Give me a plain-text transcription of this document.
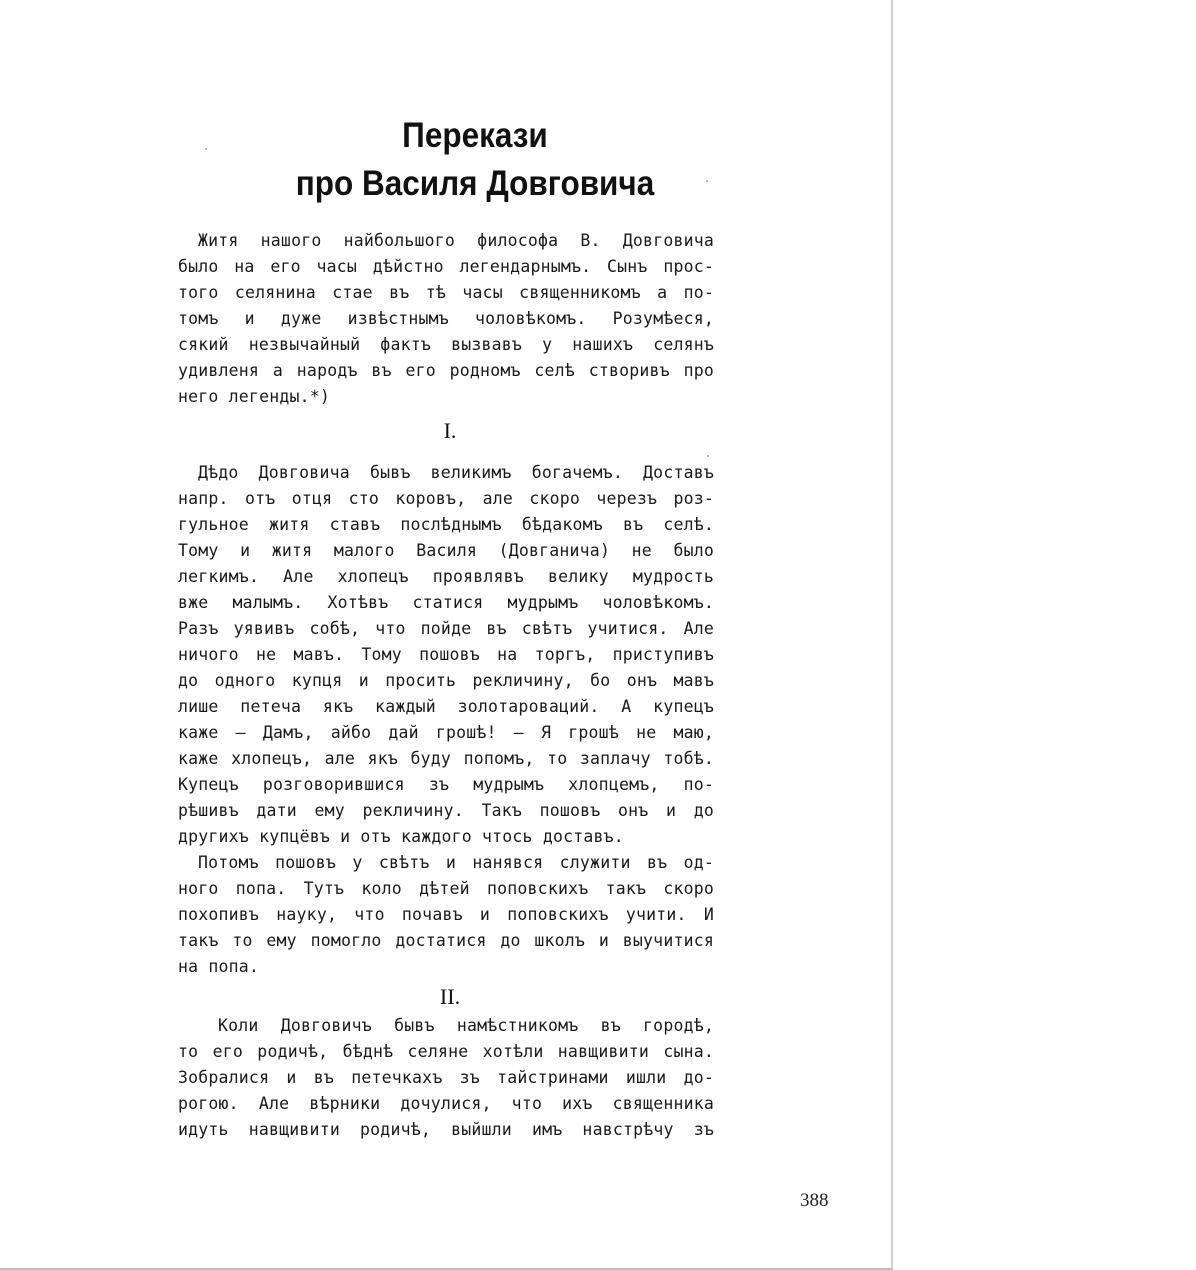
Перекази
про Василя Довговича
Житя нашого найбольшого философа В. Довговича
было на его часы дѣйстно легендарнымъ. Сынъ прос-
того селянина стае въ тѣ часы священникомъ а по-
томъ и дуже извѣстнымъ чоловѣкомъ. Розумѣеся,
сякий незвычайный фактъ вызвавъ у нашихъ селянъ
удивленя а народъ въ его родномъ селѣ створивъ про
него легенды.*)
I.
Дѣдо Довговича бывъ великимъ богачемъ. Доставъ
напр. отъ отця сто коровъ, але скоро черезъ роз-
гульное житя ставъ послѣднымъ бѣдакомъ въ селѣ.
Тому и житя малого Василя (Довганича) не было
легкимъ. Але хлопецъ проявлявъ велику мудрость
вже малымъ. Хотѣвъ статися мудрымъ чоловѣкомъ.
Разъ уявивъ собѣ, что пойде въ свѣтъ учитися. Але
ничого не мавъ. Тому пошовъ на торгъ, приступивъ
до одного купця и просить рекличину, бо онъ мавъ
лише петеча якъ каждый золотароваций. А купецъ
каже — Дамъ, айбо дай грошѣ! — Я грошѣ не маю,
каже хлопецъ, але якъ буду попомъ, то заплачу тобѣ.
Купецъ розговорившися зъ мудрымъ хлопцемъ, по-
рѣшивъ дати ему рекличину. Такъ пошовъ онъ и до
другихъ купцёвъ и отъ каждого чтось доставъ.
Потомъ пошовъ у свѣтъ и нанявся служити въ од-
ного попа. Тутъ коло дѣтей поповскихъ такъ скоро
похопивъ науку, что почавъ и поповскихъ учити. И
такъ то ему помогло достатися до школъ и выучитися
на попа.
II.
Коли Довговичъ бывъ намѣстникомъ въ городѣ,
то его родичѣ, бѣднѣ селяне хотѣли навщивити сына.
Зобралися и въ петечкахъ зъ тайстринами ишли до-
рогою. Але вѣрники дочулися, что ихъ священника
идуть навщивити родичѣ, выйшли имъ навстрѣчу зъ
388
